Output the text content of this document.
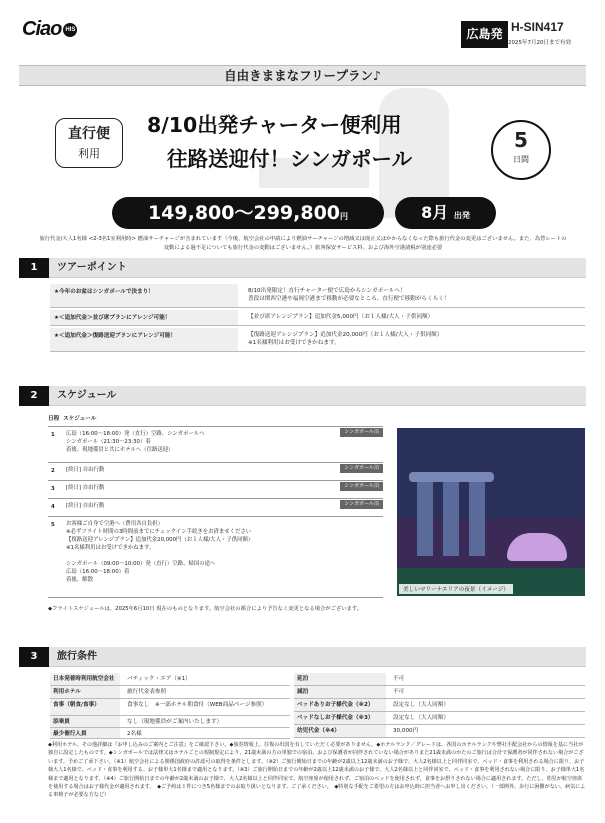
Ciao HIS	広島発 H-SIN417
2025年7月20日まで有効
自由きままなフリープラン♪
直行便
利用
8/10出発チャーター便利用
往路送迎付！シンガポール
5
日間
149,800〜299,800円	8月 出発
旅行代金/大人1名様 <2-3名1室利用時> 燃油サーチャージが含まれています（今後、航空会社の申請により燃油サーチャージの増減又は廃止又はかからなくなった際も旅行代金の変更はございません。また、為替レートの変動による過不足についても旅行代金の変動はございません。）旅客保安サービス料、および海外空港諸税が別途必要
1	ツアーポイント
★今年のお盆はシンガポールで決まり！	8/10出発限定！直行チャーター便で広島からシンガポールへ！
普段は関西空港や福岡空港まで移動が必要なところ、直行便で移動がらくらく！
★＜追加代金＞並び席プランにアレンジ可能！	【並び席アレンジプラン】追加代金5,000円（お１人様/大人・子供同額）
★＜追加代金＞復路送迎プランにアレンジ可能！	【復路送迎アレンジプラン】追加代金20,000円（お１人様/大人・子供同額）
※1名様利用はお受けできかねます。
2	スケジュール
日程 スケジュール
1 広島（16:00〜18:00）発（直行）空路、シンガポールへ
シンガポール（21:30〜23:30）着
着後、現地係員と共にホテルへ（往路送迎）
シンガポール泊
2 [終日] 自由行動	シンガポール泊
3 [終日] 自由行動	シンガポール泊
4 [終日] 自由行動	シンガポール泊
5 お客様ご自身で空港へ（費用各自負担）
※必ずフライト時間の3時間前までにチェックイン手続きをお済ませください
【復路送迎アレンジプラン】追加代金20,000円（お１人様/大人・子供同額）
※1名様利用はお受けできかねます。
シンガポール（09:00〜10:00）発（直行）空路、帰国の途へ
広島（16:00〜18:00）着
着後、解散
美しいマリーナエリアの夜景（イメージ）
◆フライトスケジュールは、2025年6月10日 現在のものとなります。航空会社の都合により予告なく変更となる場合がございます。
3	旅行条件
日本発着時利用航空会社	バティック・エア（※1）
利用ホテル	旅行代金表参照
食事（朝食/食事）	食事なし　※一部ホテル朝食付（WEB商品ページ参照）
添乗員	なし（現地係員がご案内いたします）
最少催行人員	2名様
延泊	不可
減泊	不可
ベッドありお子様代金（※2）	設定なし（大人同額）
ベッドなしお子様代金（※3）	設定なし（大人同額）
幼児代金（※4）	30,000円
◆利用ホテル、その他詳細は『お申し込みのご案内とご注意』をご確認下さい。◆旅券情報上、往復の出国を有していただく必要がありません。◆ホテルランク／グレードは、各国のホテルランクや弊社手配会社からの情報を基に当社が独自に設定したものです。◆シンガポールでは法律又はホテルごとの規制規定により、21歳未満の方の単独での宿泊、および保護者が同伴されていない場合がありまた21歳未満のかたのご旅行は合計で保護者が同伴されない場合がございます。予めご了承下さい。（※1）航空会社による関係国政府の許認可の取得を条件とします。（※2）ご旅行開始日までの年齢が2歳以上12歳未満のお子様で、大人2名様以上と同伴同室で、ベッド・食事を利用される場合に限り、お子様大人1名様で、ベッド・食事を利用する。お子様単大1名様まで適用となります。（※3）ご旅行開始日までの年齢が2歳以上12歳未満のお子様で、大人2名様以上と同伴同室で、ベッド・食事を利用されない場合に限り、お子様単大1名様まで適用となります。（※4）ご旅行開始日までの年齢が2歳未満のお子様で、大人2名様以上と同伴同室で、航空座席が使用されず、ご宿泊のベッドを使用されず、食事をお摂りされない場合に適用されます。ただし、幼児が航空座席を使用する場合はお子様代金が適用されます。　◆ご予約は１件につき5名様までのお取り扱いとなります。ご了承ください。　◆特別な手配をご希望の方はお申込時に担当者へお申し出ください。（一部例外、歩行に困難がない、病気による車椅子が必要な方など）
